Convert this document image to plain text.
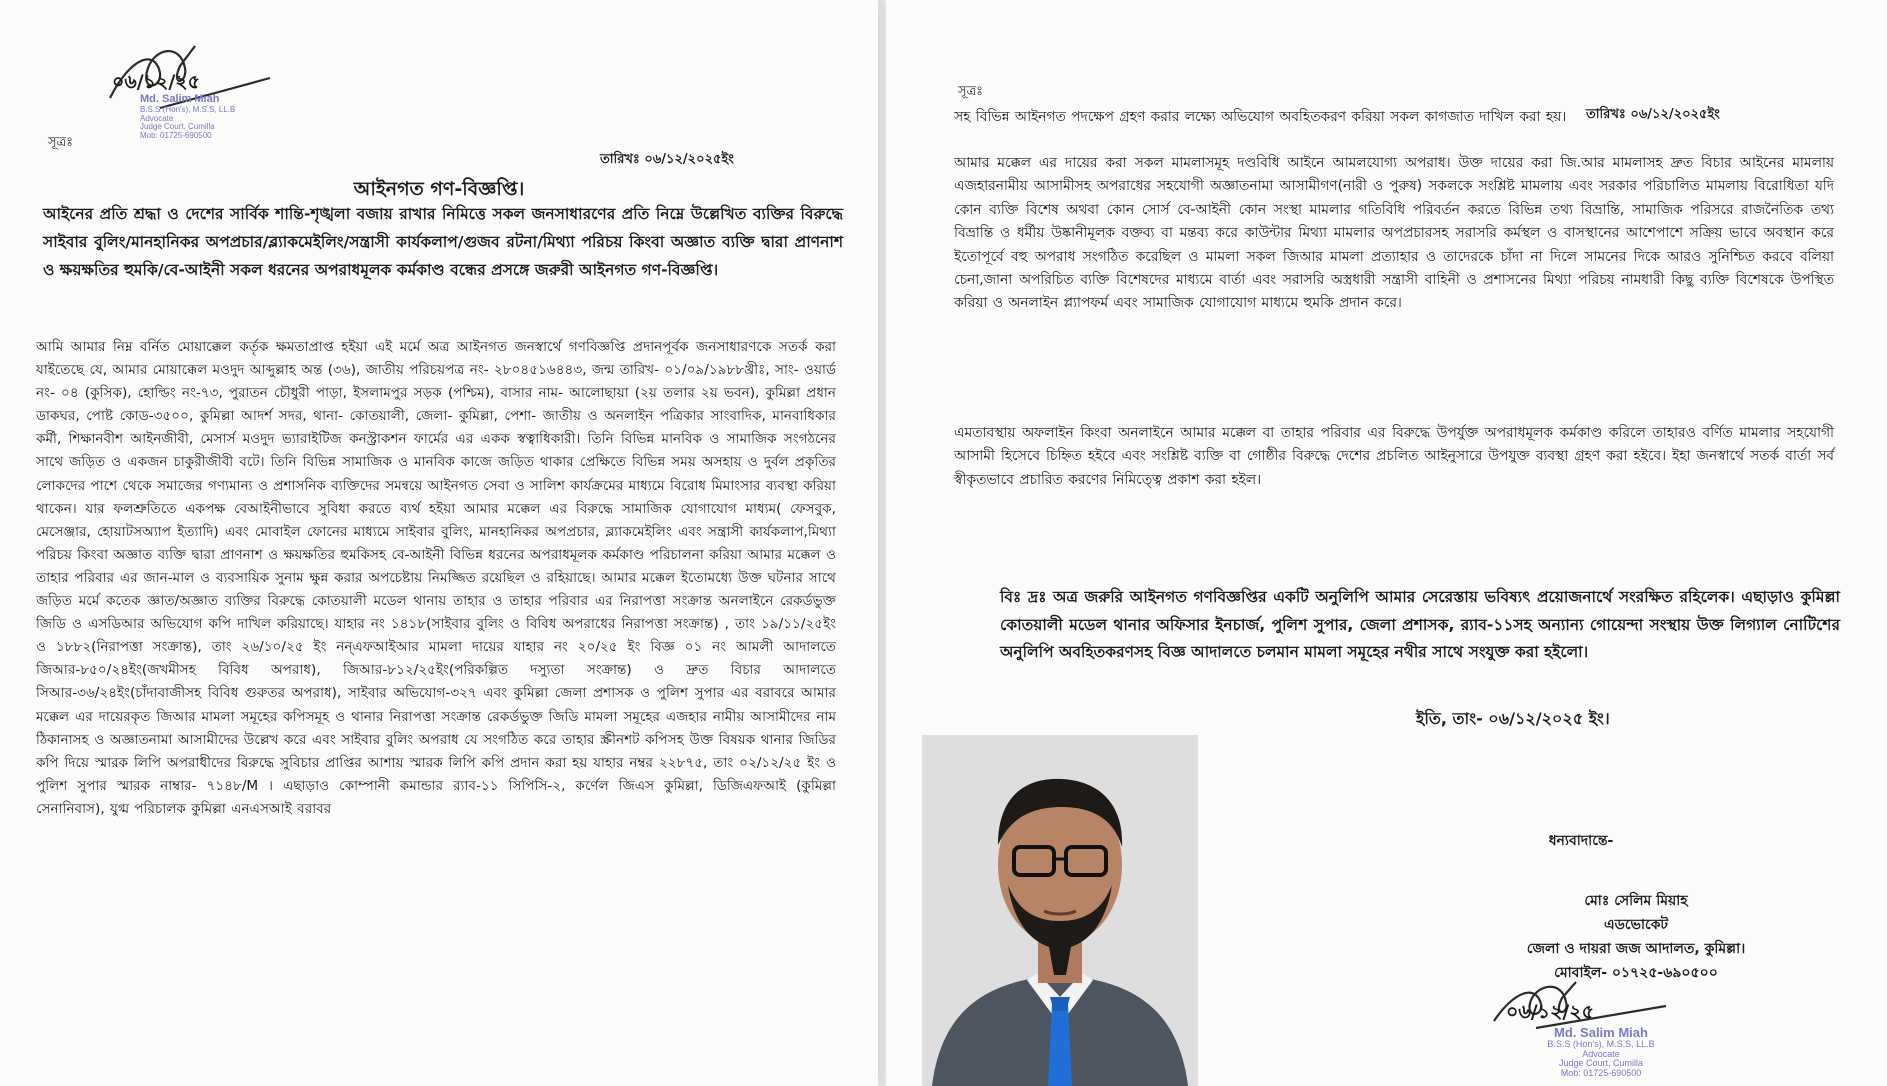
০৬/১২/২৫
Md. Salim Miah
B.S.S (Hon's), M.S.S, LL.B
Advocate
Judge Court, Cumilla
Mob: 01725-690500
সূত্রঃ
তারিখঃ ০৬/১২/২০২৫ইং
আইনগত গণ-বিজ্ঞপ্তি।
আইনের প্রতি শ্রদ্ধা ও দেশের সার্বিক শান্তি-শৃঙ্খলা বজায় রাখার নিমিত্তে সকল জনসাধারণের প্রতি নিম্নে উল্লেখিত ব্যক্তির বিরুদ্ধে সাইবার বুলিং/মানহানিকর অপপ্রচার/ব্ল্যাকমেইলিং/সন্ত্রাসী কার্যকলাপ/গুজব রটনা/মিথ্যা পরিচয় কিংবা অজ্ঞাত ব্যক্তি দ্বারা প্রাণনাশ ও ক্ষয়ক্ষতির হুমকি/বে-আইনী সকল ধরনের অপরাধমূলক কর্মকাণ্ড বন্ধের প্রসঙ্গে জরুরী আইনগত গণ-বিজ্ঞপ্তি।
আমি আমার নিম্ন বর্নিত মোয়াক্কেল কর্তৃক ক্ষমতাপ্রাপ্ত হইয়া এই মর্মে অত্র আইনগত জনস্বার্থে গণবিজ্ঞপ্তি প্রদানপূর্বক জনসাধারণকে সতর্ক করা যাইতেছে যে, আমার মোয়াক্কেল মওদুদ আব্দুল্লাহ অন্ত (৩৬), জাতীয় পরিচয়পত্র নং- ২৮০৪৫১৬৪৪৩, জন্ম তারিখ- ০১/০৯/১৯৮৮খ্রীঃ, সাং- ওয়ার্ড নং- ০৪ (কুসিক), হোল্ডিং নং-৭৩, পুরাতন চৌধুরী পাড়া, ইসলামপুর সড়ক (পশ্চিম), বাসার নাম- আলোছায়া (২য় তলার ২য় ভবন), কুমিল্লা প্রধান ডাকঘর, পোষ্ট কোড-৩৫০০, কুমিল্লা আদর্শ সদর, থানা- কোতয়ালী, জেলা- কুমিল্লা, পেশা- জাতীয় ও অনলাইন পত্রিকার সাংবাদিক, মানবাধিকার কর্মী, শিক্ষানবীশ আইনজীবী, মেসার্স মওদুদ ভ্যারাইটিজ কনস্ট্রাকশন ফার্মের এর একক স্বত্বাধিকারী। তিনি বিভিন্ন মানবিক ও সামাজিক সংগঠনের সাথে জড়িত ও একজন চাকুরীজীবী বটে। তিনি বিভিন্ন সামাজিক ও মানবিক কাজে জড়িত থাকার প্রেক্ষিতে বিভিন্ন সময় অসহায় ও দুর্বল প্রকৃতির লোকদের পাশে থেকে সমাজের গণ্যমান্য ও প্রশাসনিক ব্যক্তিদের সমন্বয়ে আইনগত সেবা ও সালিশ কার্যক্রমের মাধ্যমে বিরোধ মিমাংসার ব্যবস্থা করিয়া থাকেন। যার ফলশ্রুতিতে একপক্ষ বেআইনীভাবে সুবিধা করতে ব্যর্থ হইয়া আমার মক্কেল এর বিরুদ্ধে সামাজিক যোগাযোগ মাধ্যম( ফেসবুক, মেসেঞ্জার, হোয়াটসঅ্যাপ ইত্যাদি) এবং মোবাইল ফোনের মাধ্যমে সাইবার বুলিং, মানহানিকর অপপ্রচার, ব্ল্যাকমেইলিং এবং সন্ত্রাসী কার্যকলাপ,মিথ্যা পরিচয় কিংবা অজ্ঞাত ব্যক্তি দ্বারা প্রাণনাশ ও ক্ষয়ক্ষতির হুমকিসহ বে-আইনী বিভিন্ন ধরনের অপরাধমূলক কর্মকাণ্ড পরিচালনা করিয়া আমার মক্কেল ও তাহার পরিবার এর জান-মাল ও ব্যবসায়িক সুনাম ক্ষুন্ন করার অপচেষ্টায় নিমজ্জিত রয়েছিল ও রহিয়াছে। আমার মক্কেল ইতোমধ্যে উক্ত ঘটনার সাথে জড়িত মর্মে কতেক জ্ঞাত/অজ্ঞাত ব্যক্তির বিরুদ্ধে কোতয়ালী মডেল থানায় তাহার ও তাহার পরিবার এর নিরাপত্তা সংক্রান্ত অনলাইনে রেকর্ডভুক্ত জিডি ও এসডিআর অভিযোগ কপি দাখিল করিয়াছে। যাহার নং ১৪১৮(সাইবার বুলিং ও বিবিধ অপরাধের নিরাপত্তা সংক্রান্ত) , তাং ১৯/১১/২৫ইং ও ১৮৮২(নিরাপত্তা সংক্রান্ত), তাং ২৬/১০/২৫ ইং নন্‌এফআইআর মামলা দায়ের যাহার নং ২০/২৫ ইং বিজ্ঞ ০১ নং আমলী আদালতে জিআর-৮৫০/২৪ইং(জখমীসহ বিবিধ অপরাধ), জিআর-৮১২/২৫ইং(পরিকল্পিত দস্যুতা সংক্রান্ত) ও দ্রুত বিচার আদালতে সিআর-৩৬/২৪ইং(চাঁদাবাজীসহ বিবিধ গুরুতর অপরাধ), সাইবার অভিযোগ-৩২৭ এবং কুমিল্লা জেলা প্রশাসক ও পুলিশ সুপার এর বরাবরে আমার মক্কেল এর দায়েরকৃত জিআর মামলা সমূহের কপিসমূহ ও থানার নিরাপত্তা সংক্রান্ত রেকর্ডভুক্ত জিডি মামলা সমূহের এজহার নামীয় আসামীদের নাম ঠিকানাসহ ও অজ্ঞাতনামা আসামীদের উল্লেখ করে এবং সাইবার বুলিং অপরাধ যে সংগঠিত করে তাহার স্ক্রীনশট কপিসহ উক্ত বিষয়ক থানার জিডির কপি দিয়ে স্মারক লিপি অপরাধীদের বিরুদ্ধে সুবিচার প্রাপ্তির আশায় স্মারক লিপি কপি প্রদান করা হয় যাহার নম্বর ২২৮৭৫, তাং ০২/১২/২৫ ইং ও পুলিশ সুপার স্মারক নাম্বার- ৭১৪৮/M । এছাড়াও কোম্পানী কমান্ডার র‌্যাব-১১ সিপিসি-২, কর্ণেল জিএস কুমিল্লা, ডিজিএফআই (কুমিল্লা সেনানিবাস), যুগ্ম পরিচালক কুমিল্লা এনএসআই বরাবর
সূত্রঃ
তারিখঃ ০৬/১২/২০২৫ইং
সহ বিভিন্ন আইনগত পদক্ষেপ গ্রহণ করার লক্ষ্যে অভিযোগ অবহিতকরণ করিয়া সকল কাগজাত দাখিল করা হয়।
আমার মক্কেল এর দায়ের করা সকল মামলাসমূহ দণ্ডবিধি আইনে আমলযোগ্য অপরাধ। উক্ত দায়ের করা জি.আর মামলাসহ দ্রুত বিচার আইনের মামলায় এজহারনামীয় আসামীসহ অপরাধের সহযোগী অজ্ঞাতনামা আসামীগণ(নারী ও পুরুষ) সকলকে সংশ্লিষ্ট মামলায় এবং সরকার পরিচালিত মামলায় বিরোধিতা যদি কোন ব্যক্তি বিশেষ অথবা কোন সোর্স বে-আইনী কোন সংস্থা মামলার গতিবিধি পরিবর্তন করতে বিভিন্ন তথ্য বিভ্রান্তি, সামাজিক পরিসরে রাজনৈতিক তথ্য বিভ্রান্তি ও ধর্মীয় উষ্কানীমূলক বক্তব্য বা মন্তব্য করে কাউন্টার মিথ্যা মামলার অপপ্রচারসহ সরাসরি কর্মস্থল ও বাসস্থানের আশেপাশে সক্রিয় ভাবে অবস্থান করে ইতোপূর্বে বহু অপরাধ সংগঠিত করেছিল ও মামলা সকল জিআর মামলা প্রত্যাহার ও তাদেরকে চাঁদা না দিলে সামনের দিকে আরও সুনিশ্চিত করবে বলিয়া চেনা,জানা অপরিচিত ব্যক্তি বিশেষদের মাধ্যমে বার্তা এবং সরাসরি অস্ত্রধারী সন্ত্রাসী বাহিনী ও প্রশাসনের মিথ্যা পরিচয় নামধারী কিছু ব্যক্তি বিশেষকে উপস্থিত করিয়া ও অনলাইন প্ল্যাপফর্ম এবং সামাজিক যোগাযোগ মাধ্যমে হুমকি প্রদান করে।
এমতাবস্থায় অফলাইন কিংবা অনলাইনে আমার মক্কেল বা তাহার পরিবার এর বিরুদ্ধে উপর্যুক্ত অপরাধমূলক কর্মকাণ্ড করিলে তাহারও বর্ণিত মামলার সহযোগী আসামী হিসেবে চিহ্নিত হইবে এবং সংশ্লিষ্ট ব্যক্তি বা গোষ্ঠীর বিরুদ্ধে দেশের প্রচলিত আইনুসারে উপযুক্ত ব্যবস্থা গ্রহণ করা হইবে। ইহা জনস্বার্থে সতর্ক বার্তা সর্ব স্বীকৃতভাবে প্রচারিত করণের নিমিত্ত্বে প্রকাশ করা হইল।
বিঃ দ্রঃ অত্র জরুরি আইনগত গণবিজ্ঞপ্তির একটি অনুলিপি আমার সেরেস্তায় ভবিষ্যৎ প্রয়োজনার্থে সংরক্ষিত রহিলেক। এছাড়াও কুমিল্লা কোতয়ালী মডেল থানার অফিসার ইনচার্জ, পুলিশ সুপার, জেলা প্রশাসক, র‌্যাব-১১সহ অন্যান্য গোয়েন্দা সংস্থায় উক্ত লিগ্যাল নোটিশের অনুলিপি অবহিতকরণসহ বিজ্ঞ আদালতে চলমান মামলা সমূহের নথীর সাথে সংযুক্ত করা হইলো।
ইতি, তাং- ০৬/১২/২০২৫ ইং।
ধন্যবাদান্তে-
মোঃ সেলিম মিয়াহ
এডভোকেট
জেলা ও দায়রা জজ আদালত, কুমিল্লা।
মোবাইল- ০১৭২৫-৬৯০৫০০
০৬/১২/২৫
Md. Salim Miah
B.S.S (Hon's), M.S.S, LL.B
Advocate
Judge Court, Cumilla
Mob: 01725-690500
